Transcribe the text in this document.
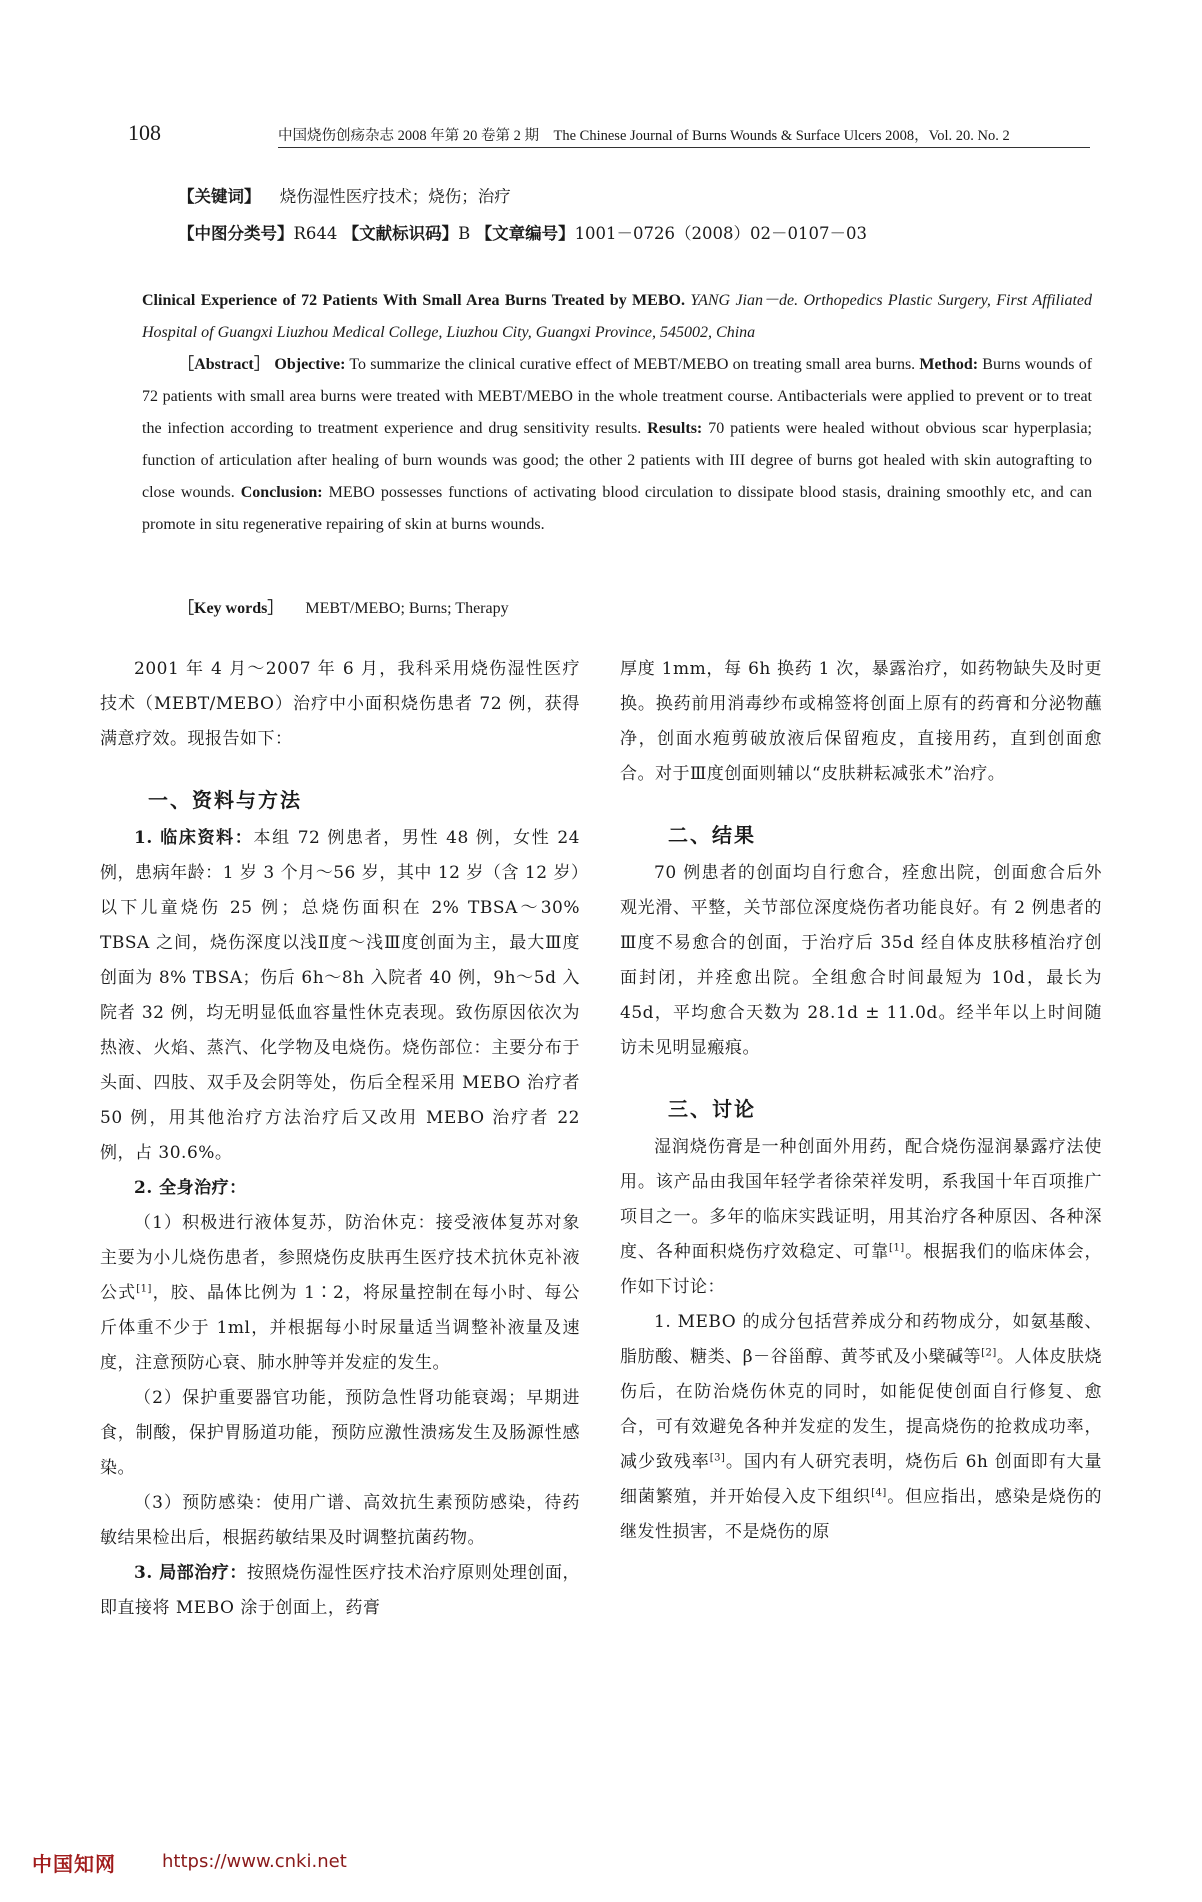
108	中国烧伤创疡杂志 2008 年第 20 卷第 2 期　The Chinese Journal of Burns Wounds & Surface Ulcers 2008，Vol. 20. No. 2
【关键词】 烧伤湿性医疗技术；烧伤；治疗
【中图分类号】R644 【文献标识码】B 【文章编号】1001－0726（2008）02－0107－03

Clinical Experience of 72 Patients With Small Area Burns Treated by MEBO. YANG Jian－de. Orthopedics Plastic Surgery, First Affiliated Hospital of Guangxi Liuzhou Medical College, Liuzhou City, Guangxi Province, 545002, China

［Abstract］ Objective: To summarize the clinical curative effect of MEBT/MEBO on treating small area burns. Method: Burns wounds of 72 patients with small area burns were treated with MEBT/MEBO in the whole treatment course. Antibacterials were applied to prevent or to treat the infection according to treatment experience and drug sensitivity results. Results: 70 patients were healed without obvious scar hyperplasia; function of articulation after healing of burn wounds was good; the other 2 patients with III degree of burns got healed with skin autografting to close wounds. Conclusion: MEBO possesses functions of activating blood circulation to dissipate blood stasis, draining smoothly etc, and can promote in situ regenerative repairing of skin at burns wounds.

［Key words］ MEBT/MEBO; Burns; Therapy

2001 年 4 月～2007 年 6 月，我科采用烧伤湿性医疗技术（MEBT/MEBO）治疗中小面积烧伤患者 72 例，获得满意疗效。现报告如下：

一、资料与方法

1. 临床资料：本组 72 例患者，男性 48 例，女性 24 例，患病年龄：1 岁 3 个月～56 岁，其中 12 岁（含 12 岁）以下儿童烧伤 25 例；总烧伤面积在 2% TBSA～30% TBSA 之间，烧伤深度以浅Ⅱ度～浅Ⅲ度创面为主，最大Ⅲ度创面为 8% TBSA；伤后 6h～8h 入院者 40 例，9h～5d 入院者 32 例，均无明显低血容量性休克表现。致伤原因依次为热液、火焰、蒸汽、化学物及电烧伤。烧伤部位：主要分布于头面、四肢、双手及会阴等处，伤后全程采用 MEBO 治疗者 50 例，用其他治疗方法治疗后又改用 MEBO 治疗者 22 例，占 30.6%。

2. 全身治疗：

（1）积极进行液体复苏，防治休克：接受液体复苏对象主要为小儿烧伤患者，参照烧伤皮肤再生医疗技术抗休克补液公式[1]，胶、晶体比例为 1∶2，将尿量控制在每小时、每公斤体重不少于 1ml，并根据每小时尿量适当调整补液量及速度，注意预防心衰、肺水肿等并发症的发生。

（2）保护重要器官功能，预防急性肾功能衰竭；早期进食，制酸，保护胃肠道功能，预防应激性溃疡发生及肠源性感染。

（3）预防感染：使用广谱、高效抗生素预防感染，待药敏结果检出后，根据药敏结果及时调整抗菌药物。

3. 局部治疗：按照烧伤湿性医疗技术治疗原则处理创面，即直接将 MEBO 涂于创面上，药膏

厚度 1mm，每 6h 换药 1 次，暴露治疗，如药物缺失及时更换。换药前用消毒纱布或棉签将创面上原有的药膏和分泌物蘸净，创面水疱剪破放液后保留疱皮，直接用药，直到创面愈合。对于Ⅲ度创面则辅以“皮肤耕耘减张术”治疗。

二、结果

70 例患者的创面均自行愈合，痊愈出院，创面愈合后外观光滑、平整，关节部位深度烧伤者功能良好。有 2 例患者的Ⅲ度不易愈合的创面，于治疗后 35d 经自体皮肤移植治疗创面封闭，并痊愈出院。全组愈合时间最短为 10d，最长为 45d，平均愈合天数为 28.1d ± 11.0d。经半年以上时间随访未见明显瘢痕。

三、讨论

湿润烧伤膏是一种创面外用药，配合烧伤湿润暴露疗法使用。该产品由我国年轻学者徐荣祥发明，系我国十年百项推广项目之一。多年的临床实践证明，用其治疗各种原因、各种深度、各种面积烧伤疗效稳定、可靠[1]。根据我们的临床体会，作如下讨论：

1. MEBO 的成分包括营养成分和药物成分，如氨基酸、脂肪酸、糖类、β－谷甾醇、黄芩甙及小檗碱等[2]。人体皮肤烧伤后，在防治烧伤休克的同时，如能促使创面自行修复、愈合，可有效避免各种并发症的发生，提高烧伤的抢救成功率，减少致残率[3]。国内有人研究表明，烧伤后 6h 创面即有大量细菌繁殖，并开始侵入皮下组织[4]。但应指出，感染是烧伤的继发性损害，不是烧伤的原

中国知网	https://www.cnki.net
